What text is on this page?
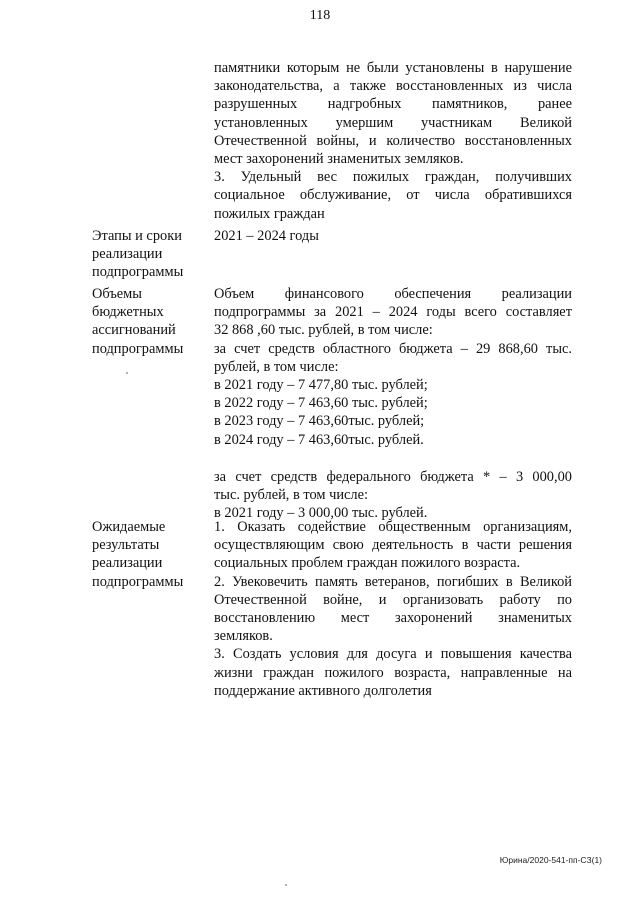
118
памятники которым не были установлены в нарушение
законодательства, а также восстановленных из числа
разрушенных надгробных памятников, ранее
установленных умершим участникам Великой
Отечественной войны, и количество восстановленных
мест захоронений знаменитых земляков.
3. Удельный вес пожилых граждан, получивших
социальное обслуживание, от числа обратившихся
пожилых граждан
Этапы и сроки
реализации
подпрограммы
2021 – 2024 годы
Объемы
бюджетных
ассигнований
подпрограммы
Объем финансового обеспечения реализации
подпрограммы за 2021 – 2024 годы всего составляет
32 868 ,60 тыс. рублей, в том числе:
за счет средств областного бюджета – 29 868,60 тыс.
рублей, в том числе:
в 2021 году – 7 477,80 тыс. рублей;
в 2022 году – 7 463,60 тыс. рублей;
в 2023 году – 7 463,60тыс. рублей;
в 2024 году – 7 463,60тыс. рублей.
за счет средств федерального бюджета * – 3 000,00
тыс. рублей, в том числе:
в 2021 году – 3 000,00 тыс. рублей.
Ожидаемые
результаты
реализации
подпрограммы
1. Оказать содействие общественным организациям,
осуществляющим свою деятельность в части решения
социальных проблем граждан пожилого возраста.
2. Увековечить память ветеранов, погибших в Великой
Отечественной войне, и организовать работу по
восстановлению мест захоронений знаменитых
земляков.
3. Создать условия для досуга и повышения качества
жизни граждан пожилого возраста, направленные на
поддержание активного долголетия
Юрина/2020-541-пп-СЗ(1)
